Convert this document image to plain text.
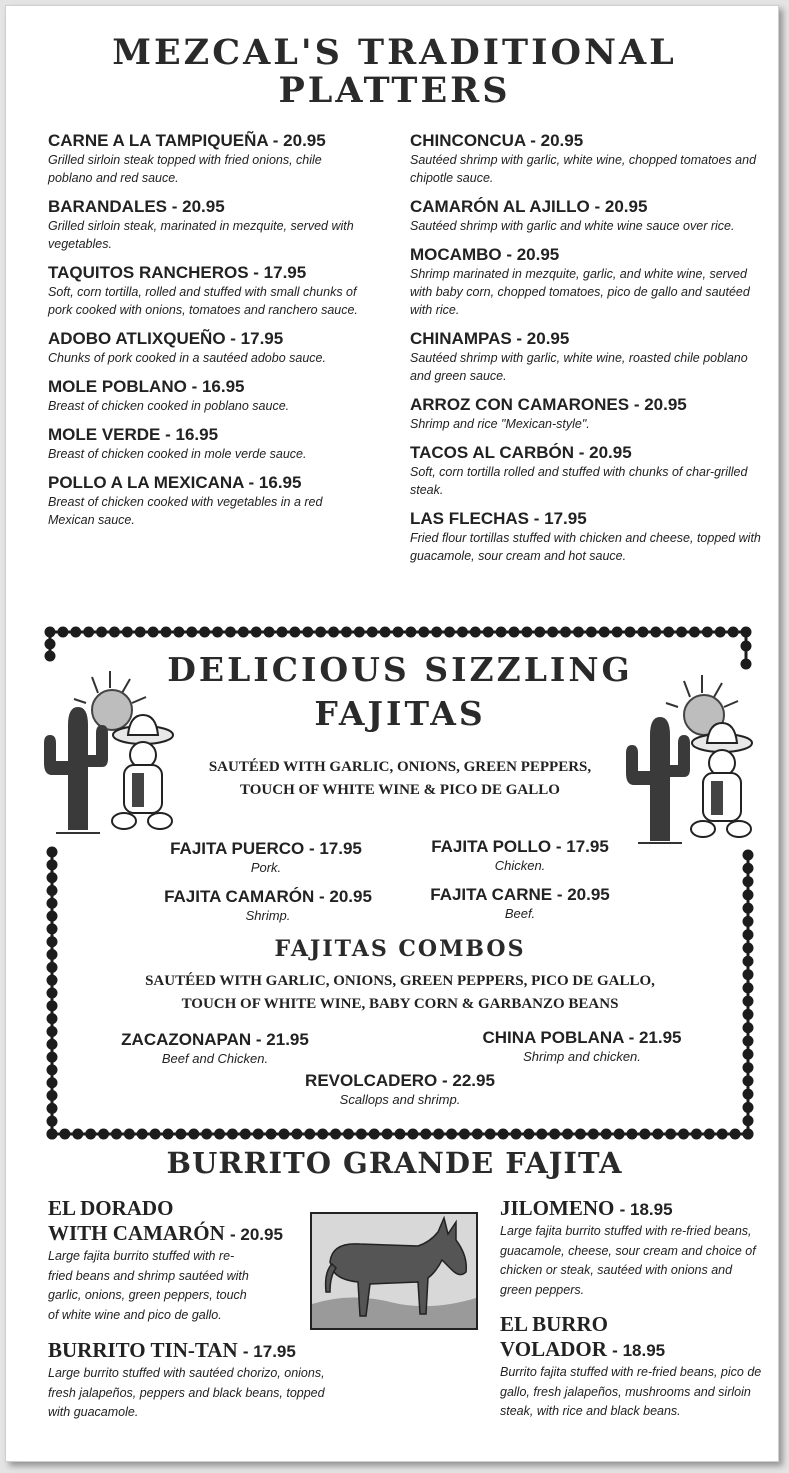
MEZCAL'S TRADITIONAL
PLATTERS
CARNE A LA TAMPIQUEÑA - 20.95
Grilled sirloin steak topped with fried onions, chile poblano and red sauce.
BARANDALES - 20.95
Grilled sirloin steak, marinated in mezquite, served with vegetables.
TAQUITOS RANCHEROS - 17.95
Soft, corn tortilla, rolled and stuffed with small chunks of pork cooked with onions, tomatoes and ranchero sauce.
ADOBO ATLIXQUEÑO - 17.95
Chunks of pork cooked in a sautéed adobo sauce.
MOLE POBLANO - 16.95
Breast of chicken cooked in poblano sauce.
MOLE VERDE - 16.95
Breast of chicken cooked in mole verde sauce.
POLLO A LA MEXICANA - 16.95
Breast of chicken cooked with vegetables in a red Mexican sauce.
CHINCONCUA - 20.95
Sautéed shrimp with garlic, white wine, chopped tomatoes and chipotle sauce.
CAMARÓN AL AJILLO - 20.95
Sautéed shrimp with garlic and white wine sauce over rice.
MOCAMBO - 20.95
Shrimp marinated in mezquite, garlic, and white wine, served with baby corn, chopped tomatoes, pico de gallo and sautéed with rice.
CHINAMPAS - 20.95
Sautéed shrimp with garlic, white wine, roasted chile poblano and green sauce.
ARROZ CON CAMARONES - 20.95
Shrimp and rice "Mexican-style".
TACOS AL CARBÓN - 20.95
Soft, corn tortilla rolled and stuffed with chunks of char-grilled steak.
LAS FLECHAS - 17.95
Fried flour tortillas stuffed with chicken and cheese, topped with guacamole, sour cream and hot sauce.
DELICIOUS SIZZLING
FAJITAS
SAUTÉED WITH GARLIC, ONIONS, GREEN PEPPERS,
TOUCH OF WHITE WINE & PICO DE GALLO
FAJITA PUERCO - 17.95
Pork.
FAJITA POLLO - 17.95
Chicken.
FAJITA CAMARÓN - 20.95
Shrimp.
FAJITA CARNE - 20.95
Beef.
FAJITAS COMBOS
SAUTÉED WITH GARLIC, ONIONS, GREEN PEPPERS, PICO DE GALLO,
TOUCH OF WHITE WINE, BABY CORN & GARBANZO BEANS
ZACAZONAPAN - 21.95
Beef and Chicken.
CHINA POBLANA - 21.95
Shrimp and chicken.
REVOLCADERO - 22.95
Scallops and shrimp.
BURRITO GRANDE FAJITA
EL DORADO
WITH CAMARÓN - 20.95
Large fajita burrito stuffed with re-fried beans and shrimp sautéed with garlic, onions, green peppers, touch of white wine and pico de gallo.
BURRITO TIN-TAN - 17.95
Large burrito stuffed with sautéed chorizo, onions, fresh jalapeños, peppers and black beans, topped with guacamole.
JILOMENO - 18.95
Large fajita burrito stuffed with re-fried beans, guacamole, cheese, sour cream and choice of chicken or steak, sautéed with onions and green peppers.
EL BURRO
VOLADOR - 18.95
Burrito fajita stuffed with re-fried beans, pico de gallo, fresh jalapeños, mushrooms and sirloin steak, with rice and black beans.
